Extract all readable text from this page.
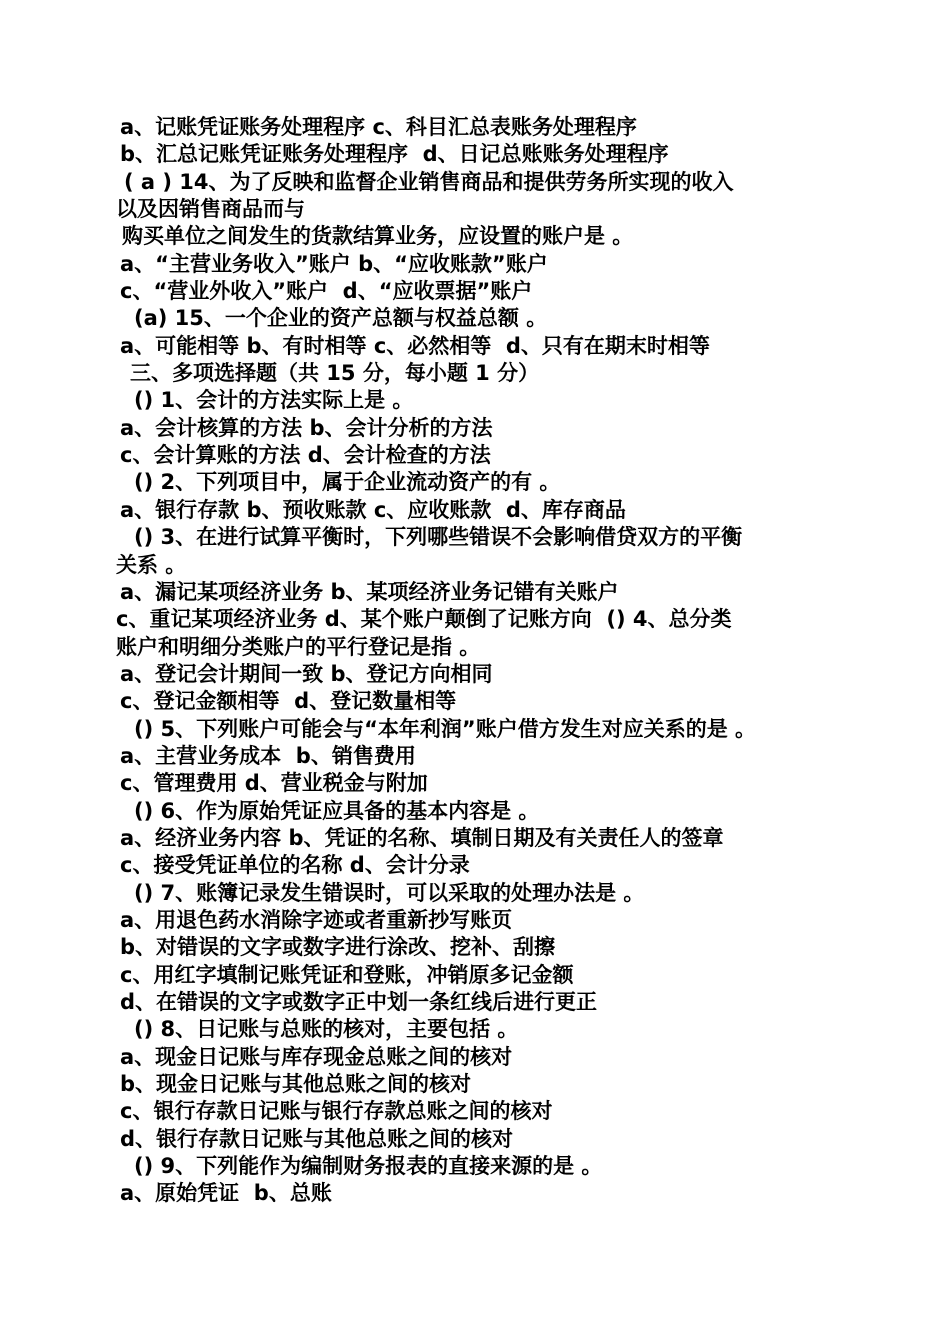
a、记账凭证账务处理程序 c、科目汇总表账务处理程序
b、汇总记账凭证账务处理程序  d、日记总账账务处理程序
( a ) 14、为了反映和监督企业销售商品和提供劳务所实现的收入
以及因销售商品而与
购买单位之间发生的货款结算业务，应设置的账户是 。
a、“主营业务收入”账户 b、“应收账款”账户
c、“营业外收入”账户  d、“应收票据”账户
(a) 15、一个企业的资产总额与权益总额 。
a、可能相等 b、有时相等 c、必然相等  d、只有在期末时相等
三、多项选择题（共 15 分，每小题 1 分）
() 1、会计的方法实际上是 。
a、会计核算的方法 b、会计分析的方法
c、会计算账的方法 d、会计检查的方法
() 2、下列项目中，属于企业流动资产的有 。
a、银行存款 b、预收账款 c、应收账款  d、库存商品
() 3、在进行试算平衡时，下列哪些错误不会影响借贷双方的平衡
关系 。
a、漏记某项经济业务 b、某项经济业务记错有关账户
c、重记某项经济业务 d、某个账户颠倒了记账方向  () 4、总分类
账户和明细分类账户的平行登记是指 。
a、登记会计期间一致 b、登记方向相同
c、登记金额相等  d、登记数量相等
() 5、下列账户可能会与“本年利润”账户借方发生对应关系的是 。
a、主营业务成本  b、销售费用
c、管理费用 d、营业税金与附加
() 6、作为原始凭证应具备的基本内容是 。
a、经济业务内容 b、凭证的名称、填制日期及有关责任人的签章
c、接受凭证单位的名称 d、会计分录
() 7、账簿记录发生错误时，可以采取的处理办法是 。
a、用退色药水消除字迹或者重新抄写账页
b、对错误的文字或数字进行涂改、挖补、刮擦
c、用红字填制记账凭证和登账，冲销原多记金额
d、在错误的文字或数字正中划一条红线后进行更正
() 8、日记账与总账的核对，主要包括 。
a、现金日记账与库存现金总账之间的核对
b、现金日记账与其他总账之间的核对
c、银行存款日记账与银行存款总账之间的核对
d、银行存款日记账与其他总账之间的核对
() 9、下列能作为编制财务报表的直接来源的是 。
a、原始凭证  b、总账
